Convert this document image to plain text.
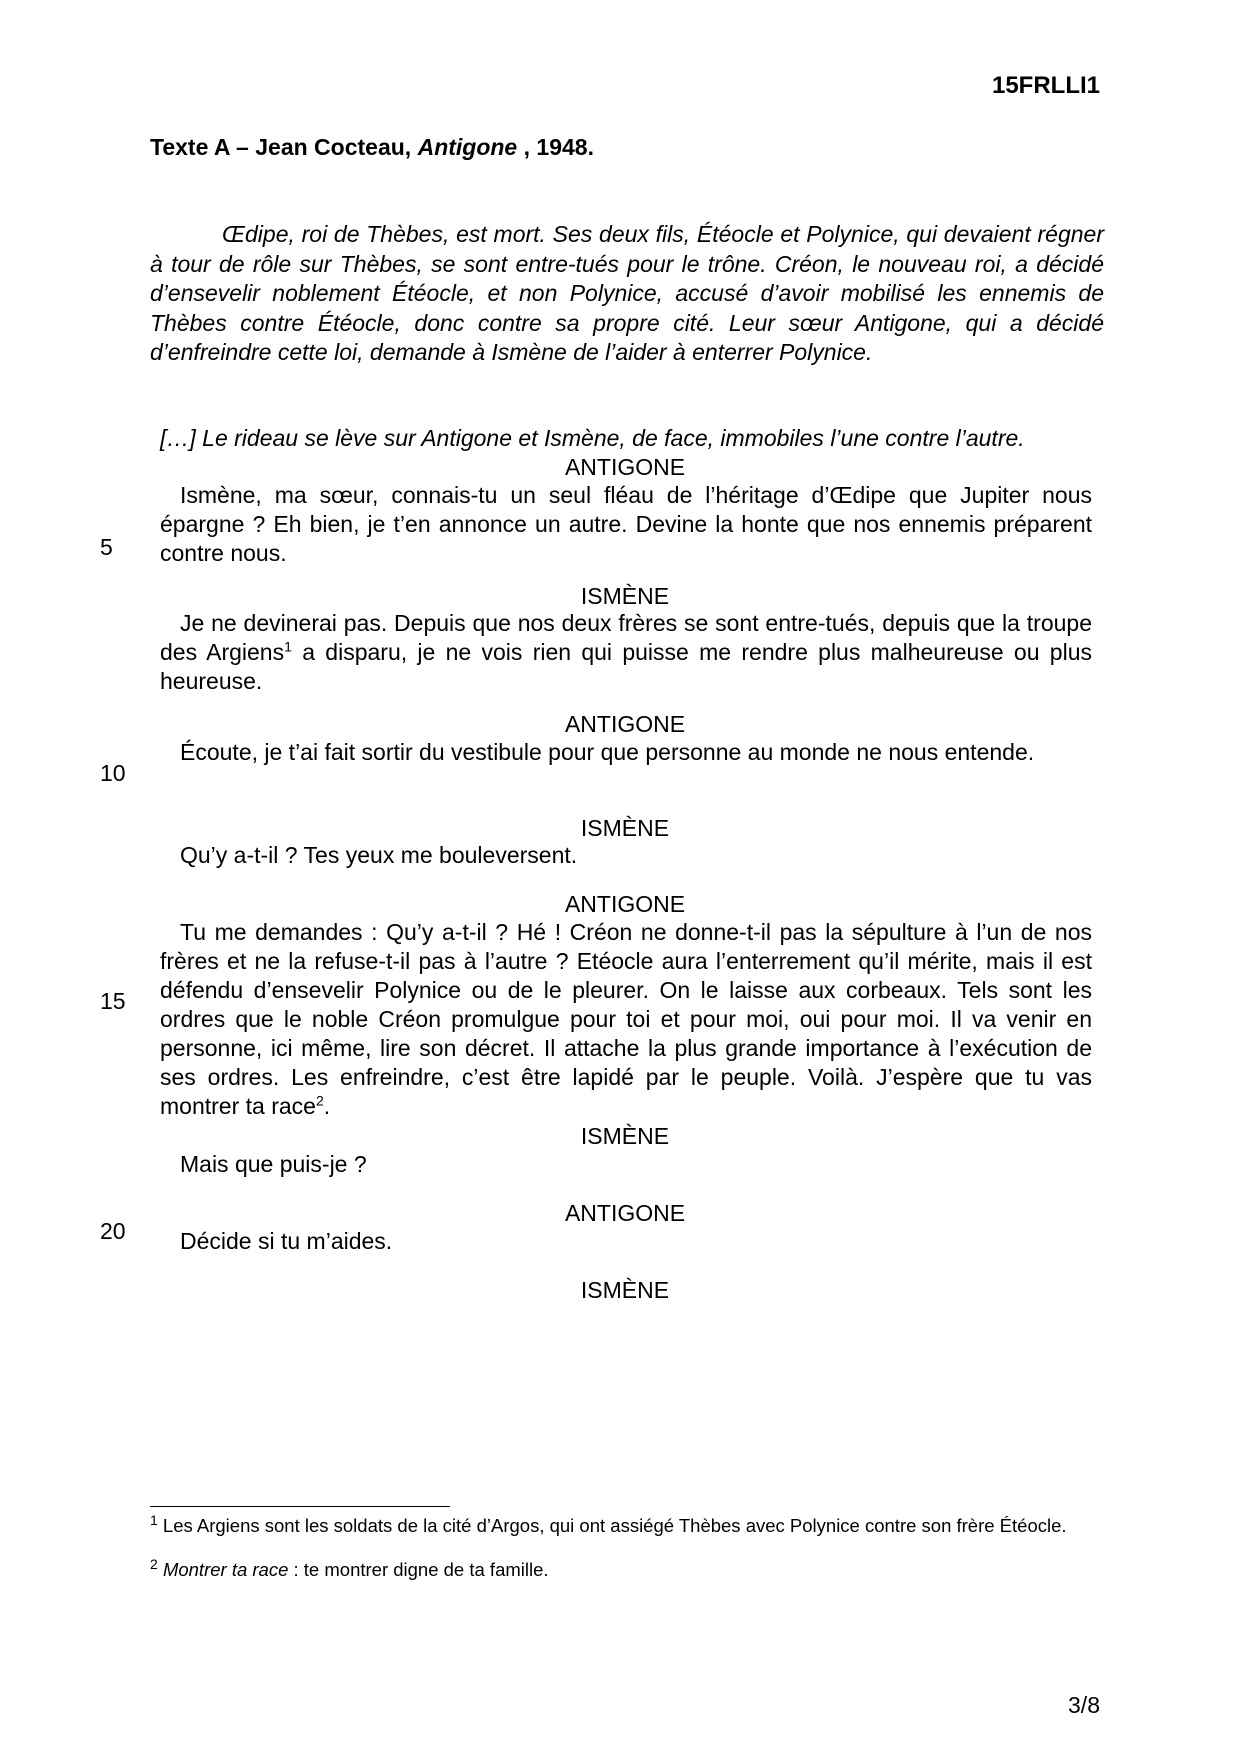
15FRLLI1
Texte A – Jean Cocteau, Antigone , 1948.

Œdipe, roi de Thèbes, est mort. Ses deux fils, Étéocle et Polynice, qui devaient régner à tour de rôle sur Thèbes, se sont entre-tués pour le trône. Créon, le nouveau roi, a décidé d’ensevelir noblement Étéocle, et non Polynice, accusé d’avoir mobilisé les ennemis de Thèbes contre Étéocle, donc contre sa propre cité. Leur sœur Antigone, qui a décidé d’enfreindre cette loi, demande à Ismène de l’aider à enterrer Polynice.

[…] Le rideau se lève sur Antigone et Ismène, de face, immobiles l’une contre l’autre.

ANTIGONE

Ismène, ma sœur, connais-tu un seul fléau de l’héritage d’Œdipe que Jupiter nous épargne ? Eh bien, je t’en annonce un autre. Devine la honte que nos ennemis préparent contre nous.

ISMÈNE

Je ne devinerai pas. Depuis que nos deux frères se sont entre-tués, depuis que la troupe des Argiens$^1$ a disparu, je ne vois rien qui puisse me rendre plus malheureuse ou plus heureuse.

ANTIGONE

Écoute, je t’ai fait sortir du vestibule pour que personne au monde ne nous entende.

ISMÈNE

Qu’y a-t-il ? Tes yeux me bouleversent.

ANTIGONE

Tu me demandes : Qu’y a-t-il ? Hé ! Créon ne donne-t-il pas la sépulture à l’un de nos frères et ne la refuse-t-il pas à l’autre ? Etéocle aura l’enterrement qu’il mérite, mais il est défendu d’ensevelir Polynice ou de le pleurer. On le laisse aux corbeaux. Tels sont les ordres que le noble Créon promulgue pour toi et pour moi, oui pour moi. Il va venir en personne, ici même, lire son décret. Il attache la plus grande importance à l’exécution de ses ordres. Les enfreindre, c’est être lapidé par le peuple. Voilà. J’espère que tu vas montrer ta race$^2$.

ISMÈNE

Mais que puis-je ?

ANTIGONE

Décide si tu m’aides.

ISMÈNE
5
10
15
20

$^1$ Les Argiens sont les soldats de la cité d’Argos, qui ont assiégé Thèbes avec Polynice contre son frère Étéocle.

$^2$ Montrer ta race : te montrer digne de ta famille.

3/8
